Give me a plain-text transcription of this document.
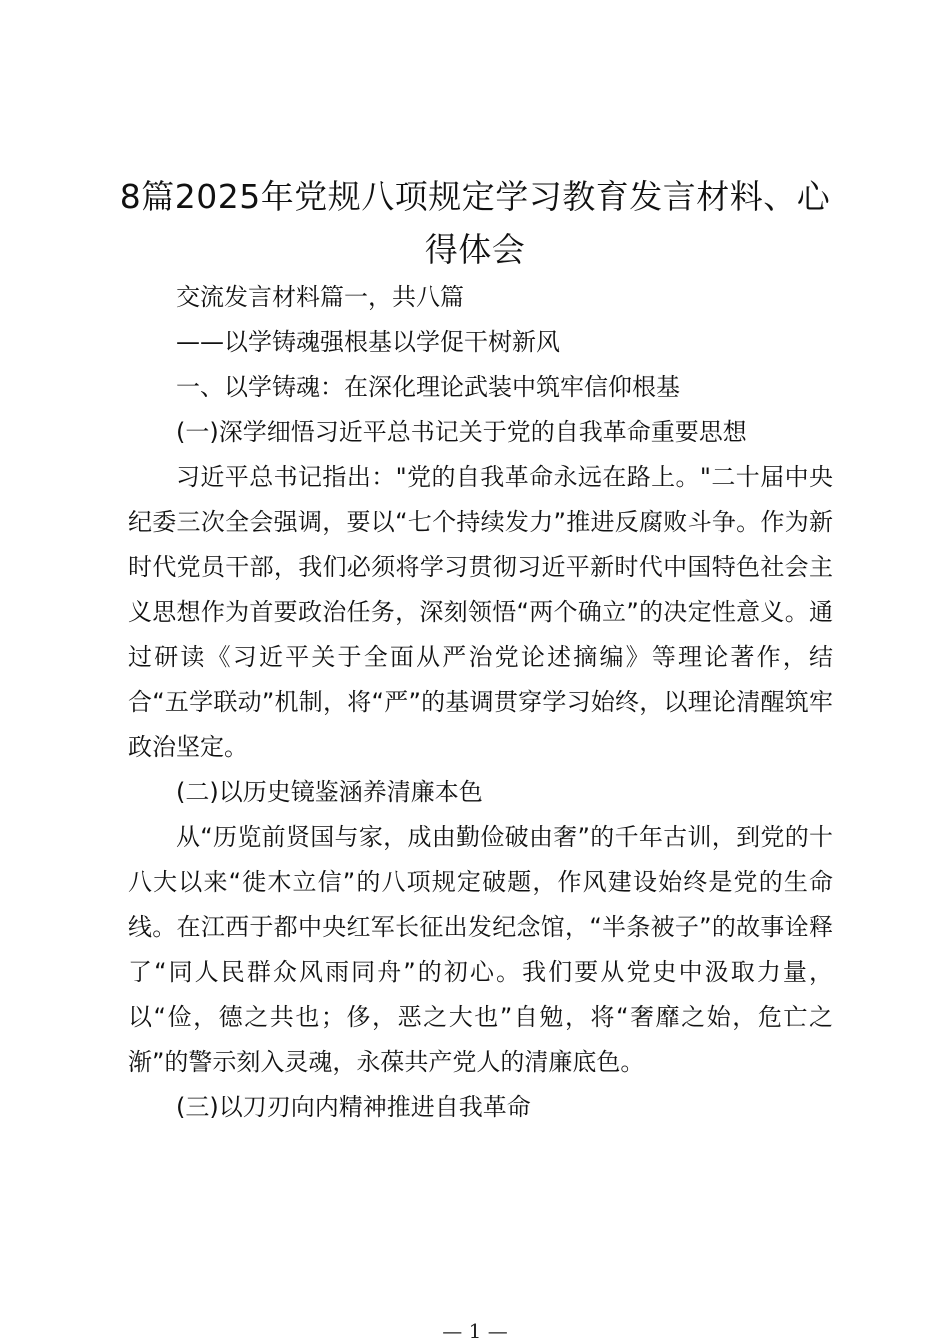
8篇2025年党规八项规定学习教育发言材料、心得体会

交流发言材料篇一，共八篇

——以学铸魂强根基以学促干树新风

一、以学铸魂：在深化理论武装中筑牢信仰根基

(一)深学细悟习近平总书记关于党的自我革命重要思想

习近平总书记指出："党的自我革命永远在路上。"二十届中央纪委三次全会强调，要以“七个持续发力”推进反腐败斗争。作为新时代党员干部，我们必须将学习贯彻习近平新时代中国特色社会主义思想作为首要政治任务，深刻领悟“两个确立”的决定性意义。通过研读《习近平关于全面从严治党论述摘编》等理论著作，结合“五学联动”机制，将“严”的基调贯穿学习始终，以理论清醒筑牢政治坚定。

(二)以历史镜鉴涵养清廉本色

从“历览前贤国与家，成由勤俭破由奢”的千年古训，到党的十八大以来“徙木立信”的八项规定破题，作风建设始终是党的生命线。在江西于都中央红军长征出发纪念馆，“半条被子”的故事诠释了“同人民群众风雨同舟”的初心。我们要从党史中汲取力量，以“俭，德之共也；侈，恶之大也”自勉，将“奢靡之始，危亡之渐”的警示刻入灵魂，永葆共产党人的清廉底色。

(三)以刀刃向内精神推进自我革命

— 1 —
